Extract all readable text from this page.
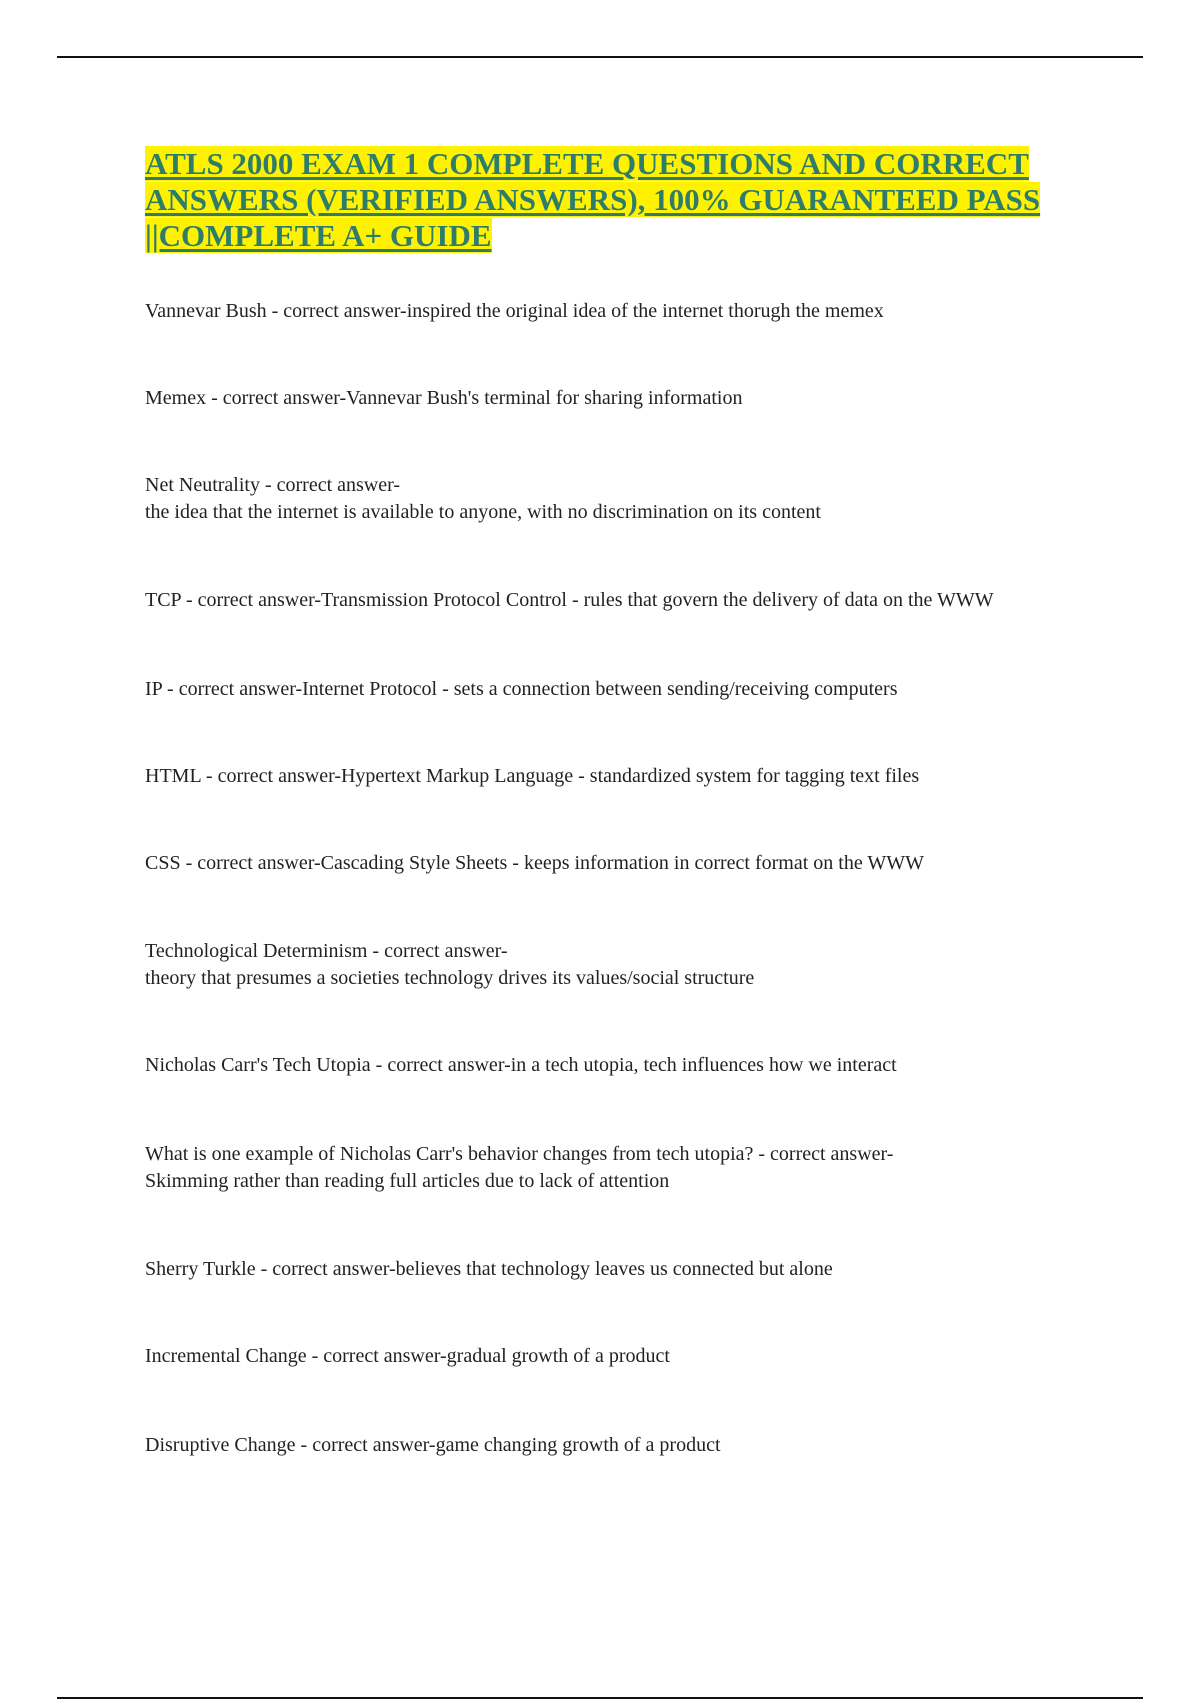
ATLS 2000 EXAM 1 COMPLETE QUESTIONS AND CORRECT ANSWERS (VERIFIED ANSWERS), 100% GUARANTEED PASS ||COMPLETE A+ GUIDE

Vannevar Bush - correct answer-inspired the original idea of the internet thorugh the memex

Memex - correct answer-Vannevar Bush's terminal for sharing information

Net Neutrality - correct answer-
the idea that the internet is available to anyone, with no discrimination on its content

TCP - correct answer-Transmission Protocol Control - rules that govern the delivery of data on the WWW

IP - correct answer-Internet Protocol - sets a connection between sending/receiving computers

HTML - correct answer-Hypertext Markup Language - standardized system for tagging text files

CSS - correct answer-Cascading Style Sheets - keeps information in correct format on the WWW

Technological Determinism - correct answer-
theory that presumes a societies technology drives its values/social structure

Nicholas Carr's Tech Utopia - correct answer-in a tech utopia, tech influences how we interact

What is one example of Nicholas Carr's behavior changes from tech utopia? - correct answer-
Skimming rather than reading full articles due to lack of attention

Sherry Turkle - correct answer-believes that technology leaves us connected but alone

Incremental Change - correct answer-gradual growth of a product

Disruptive Change - correct answer-game changing growth of a product
